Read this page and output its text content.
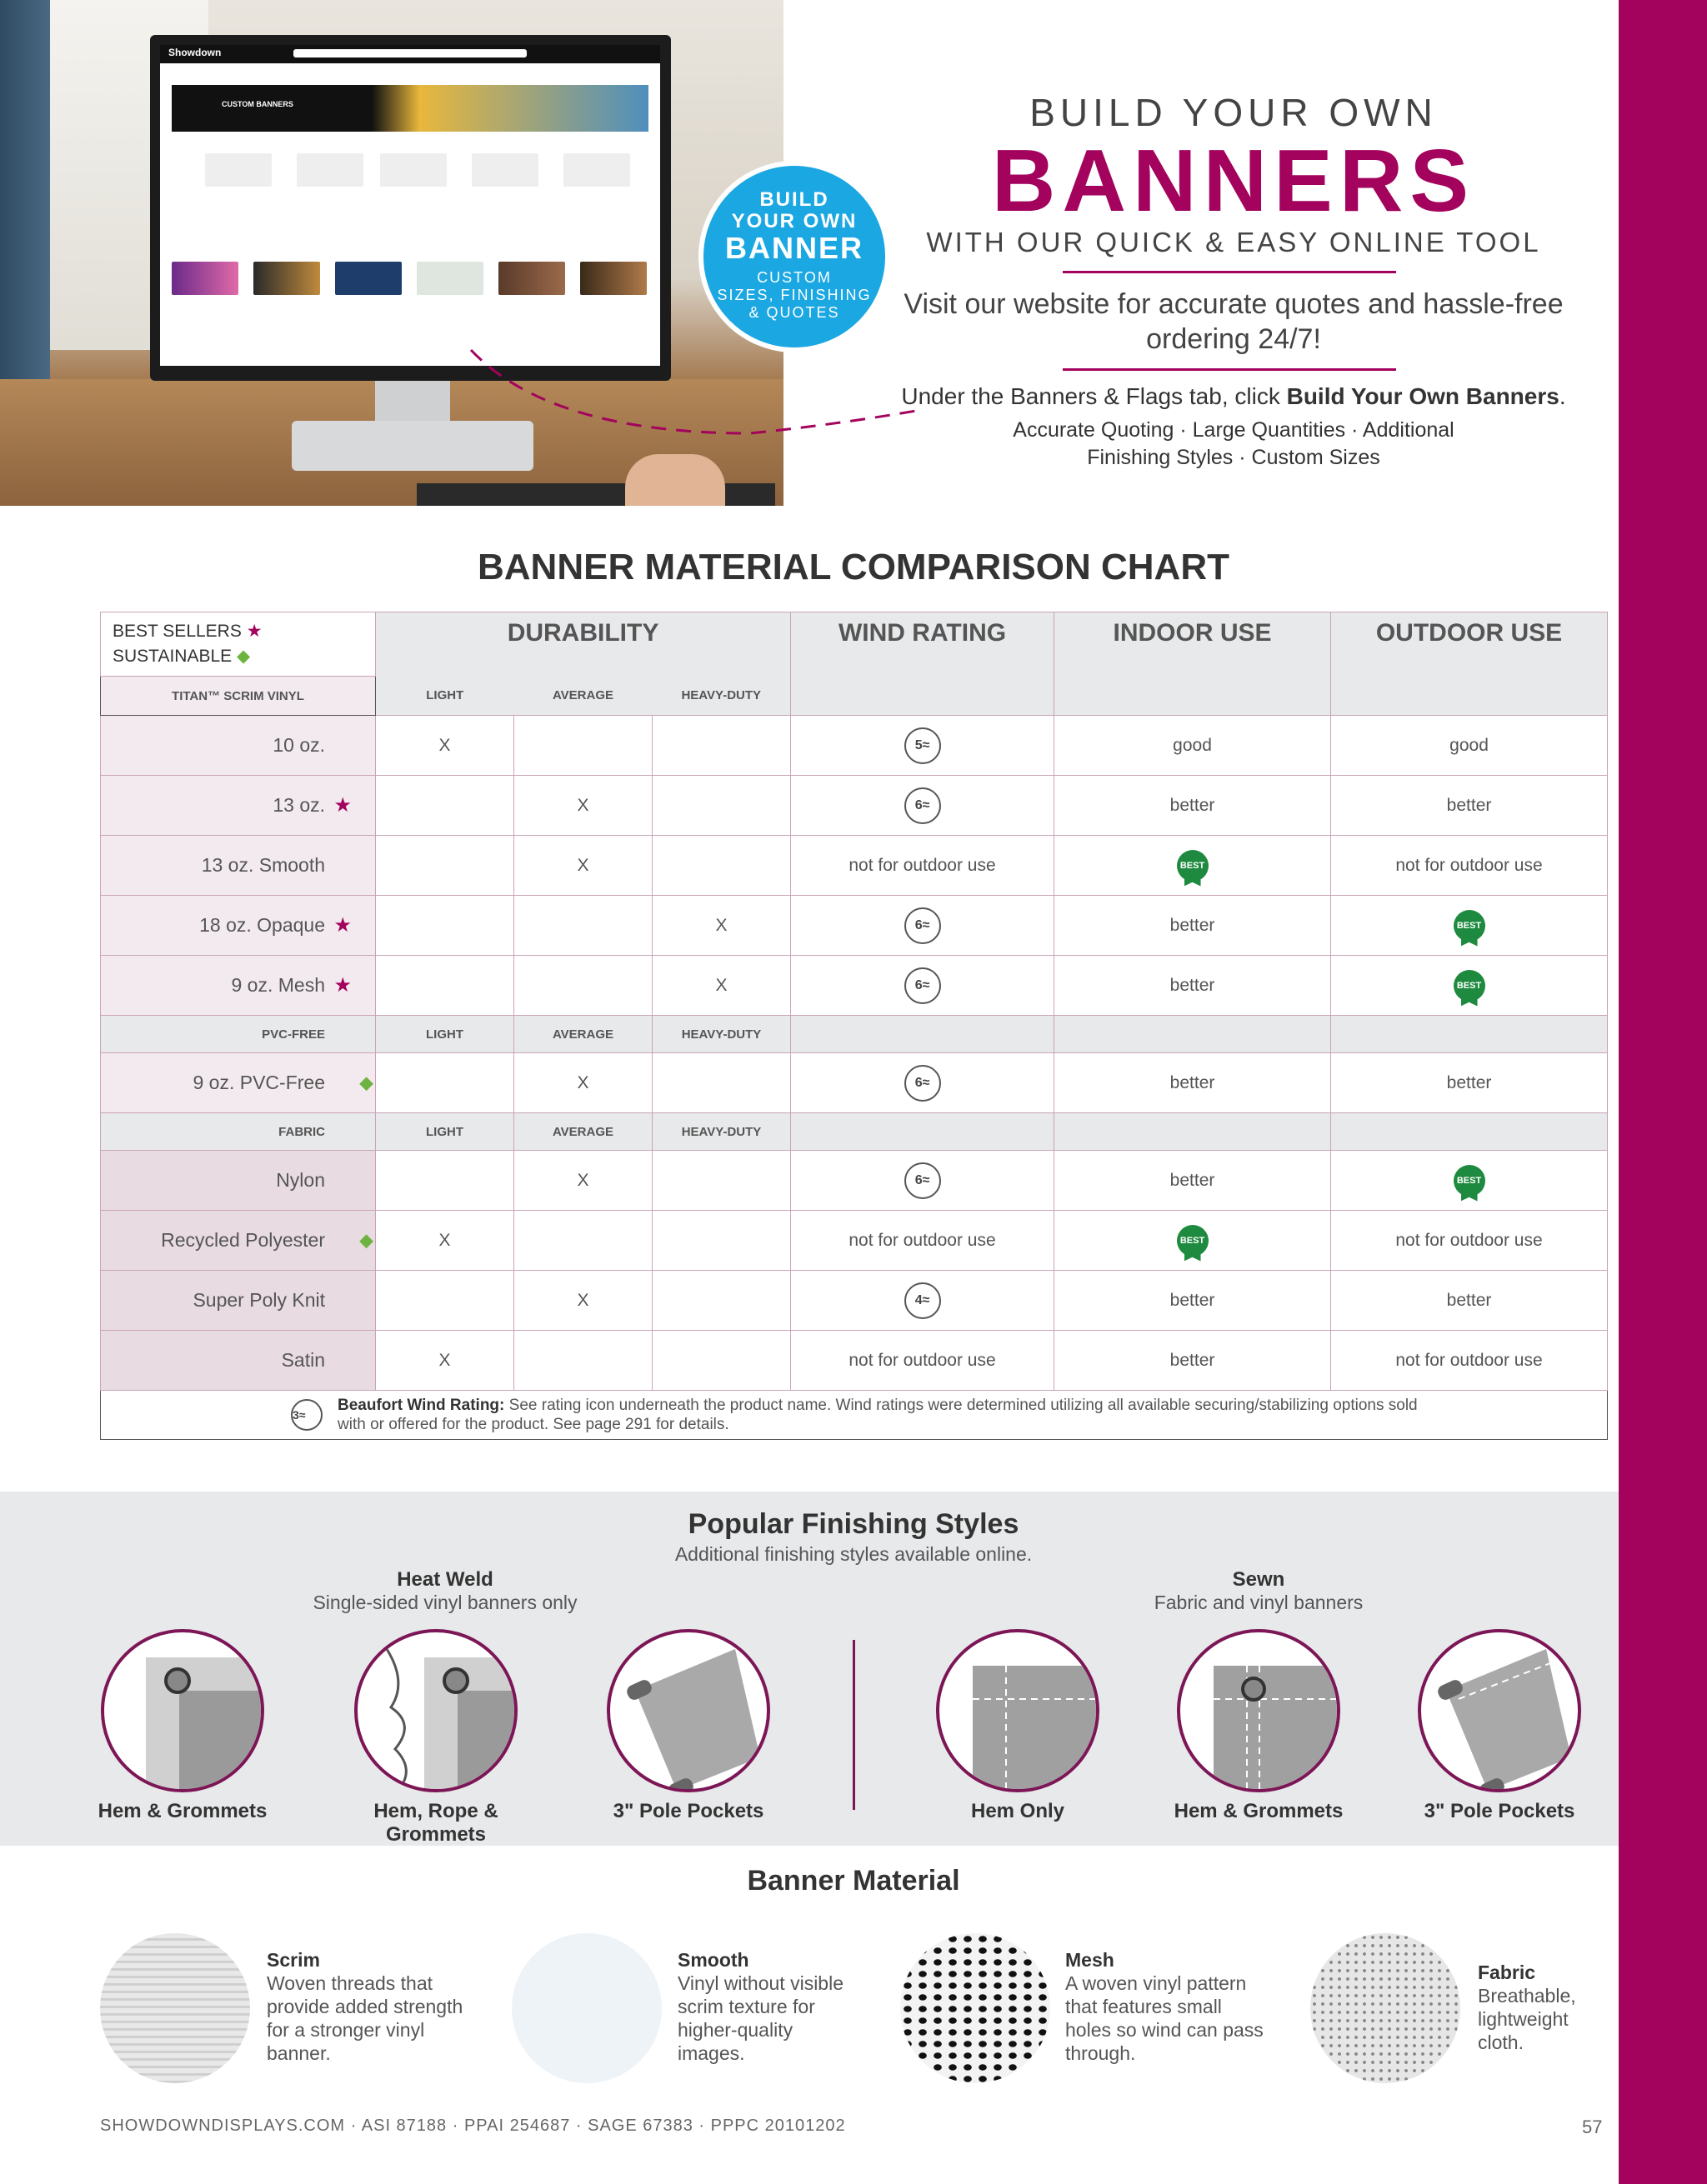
Showdown
CUSTOM BANNERS
BUILD
YOUR OWN
BANNER
CUSTOM
SIZES, FINISHING
& QUOTES
BUILD YOUR OWN
BANNERS
WITH OUR QUICK & EASY ONLINE TOOL
Visit our website for accurate quotes and hassle-free ordering 24/7!
Under the Banners & Flags tab, click Build Your Own Banners.
Accurate Quoting · Large Quantities · Additional Finishing Styles · Custom Sizes
BANNER MATERIAL COMPARISON CHART
BEST SELLERS ★
SUSTAINABLE ◆	DURABILITY			WIND RATING	INDOOR USE	OUTDOOR USE

TITAN™ SCRIM VINYL	LIGHT	AVERAGE	HEAVY-DUTY			
10 oz.	X			5≈	good	good
13 oz. ★		X		6≈	better	better
13 oz. Smooth		X		not for outdoor use	BEST	not for outdoor use
18 oz. Opaque ★			X	6≈	better	BEST
9 oz. Mesh ★			X	6≈	better	BEST
PVC-FREE	LIGHT	AVERAGE	HEAVY-DUTY			
9 oz. PVC-Free ◆		X		6≈	better	better
FABRIC	LIGHT	AVERAGE	HEAVY-DUTY			
Nylon		X		6≈	better	BEST
Recycled Polyester ◆	X			not for outdoor use	BEST	not for outdoor use
Super Poly Knit		X		4≈	better	better
Satin	X			not for outdoor use	better	not for outdoor use

3≈
Beaufort Wind Rating: See rating icon underneath the product name. Wind ratings were determined utilizing all available securing/stabilizing options sold with or offered for the product. See page 291 for details.						
Popular Finishing Styles
Additional finishing styles available online.
Heat Weld
Single-sided vinyl banners only
Sewn
Fabric and vinyl banners
Hem & Grommets	Hem, Rope & Grommets
3" Pole Pockets	Hem Only	Hem & Grommets	3" Pole Pockets
Banner Material
Scrim
Woven threads that provide added strength for a stronger vinyl banner.
Smooth
Vinyl without visible scrim texture for higher-quality images.
Mesh
A woven vinyl pattern that features small holes so wind can pass through.
Fabric
Breathable, lightweight cloth.
SHOWDOWNDISPLAYS.COM · ASI 87188 · PPAI 254687 · SAGE 67383 · PPPC 20101202	57
